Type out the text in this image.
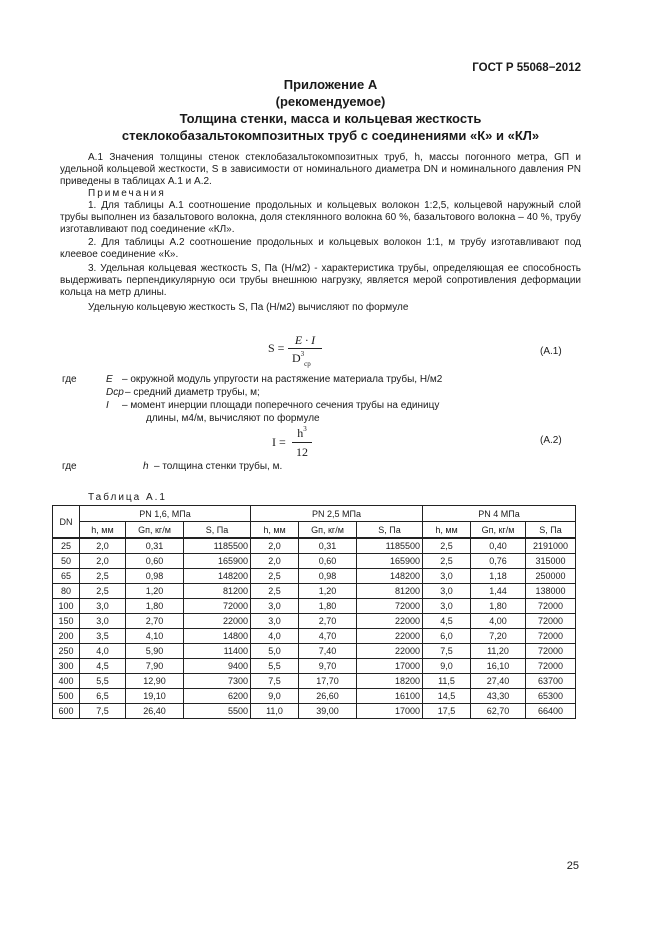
ГОСТ Р 55068−2012
Приложение А
(рекомендуемое)
Толщина стенки, масса и кольцевая жесткость
стеклокобазальтокомпозитных труб с соединениями «К» и «КЛ»

А.1 Значения толщины стенок стеклобазальтокомпозитных труб, h, массы погонного метра, GП и удельной кольцевой жесткости, S в зависимости от номинального диаметра DN и номинального давления PN приведены в таблицах А.1 и А.2.

Примечания

1. Для таблицы А.1 соотношение продольных и кольцевых волокон 1:2,5, кольцевой наружный слой трубы выполнен из базальтового волокна, доля стеклянного волокна 60 %, базальтового волокна – 40 %, трубу изготавливают под соединение «КЛ».

2. Для таблицы А.2 соотношение продольных и кольцевых волокон 1:1, м трубу изготавливают под клеевое соединение «К».

3. Удельная кольцевая жесткость S, Па (Н/м2) - характеристика трубы, определяющая ее способность выдерживать перпендикулярную оси трубы внешнюю нагрузку, является мерой сопротивления деформации кольца на метр длины.

Удельную кольцевую жесткость S, Па (Н/м2) вычисляют по формуле

S =
E · I
$D^3_{ср}$
(А.1)
где	E – окружной модуль упругости на растяжение материала трубы, Н/м2
Dср – средний диаметр трубы, м;
I – момент инерции площади поперечного сечения трубы на единицу
длины, м4/м, вычисляют по формуле
I =
$h^3$
12
(А.2)
где	h – толщина стенки трубы, м.
Таблица А.1
DN	PN 1,6, МПа			PN 2,5 МПа			PN 4 МПа		
	h, мм	Gп, кг/м	S, Па	h, мм	Gп, кг/м	S, Па	h, мм	Gп, кг/м	S, Па
25	2,0	0,31	1185500	2,0	0,31	1185500	2,5	0,40	2191000
50	2,0	0,60	165900	2,0	0,60	165900	2,5	0,76	315000
65	2,5	0,98	148200	2,5	0,98	148200	3,0	1,18	250000
80	2,5	1,20	81200	2,5	1,20	81200	3,0	1,44	138000
100	3,0	1,80	72000	3,0	1,80	72000	3,0	1,80	72000
150	3,0	2,70	22000	3,0	2,70	22000	4,5	4,00	72000
200	3,5	4,10	14800	4,0	4,70	22000	6,0	7,20	72000
250	4,0	5,90	11400	5,0	7,40	22000	7,5	11,20	72000
300	4,5	7,90	9400	5,5	9,70	17000	9,0	16,10	72000
400	5,5	12,90	7300	7,5	17,70	18200	11,5	27,40	63700
500	6,5	19,10	6200	9,0	26,60	16100	14,5	43,30	65300
600	7,5	26,40	5500	11,0	39,00	17000	17,5	62,70	66400
25
